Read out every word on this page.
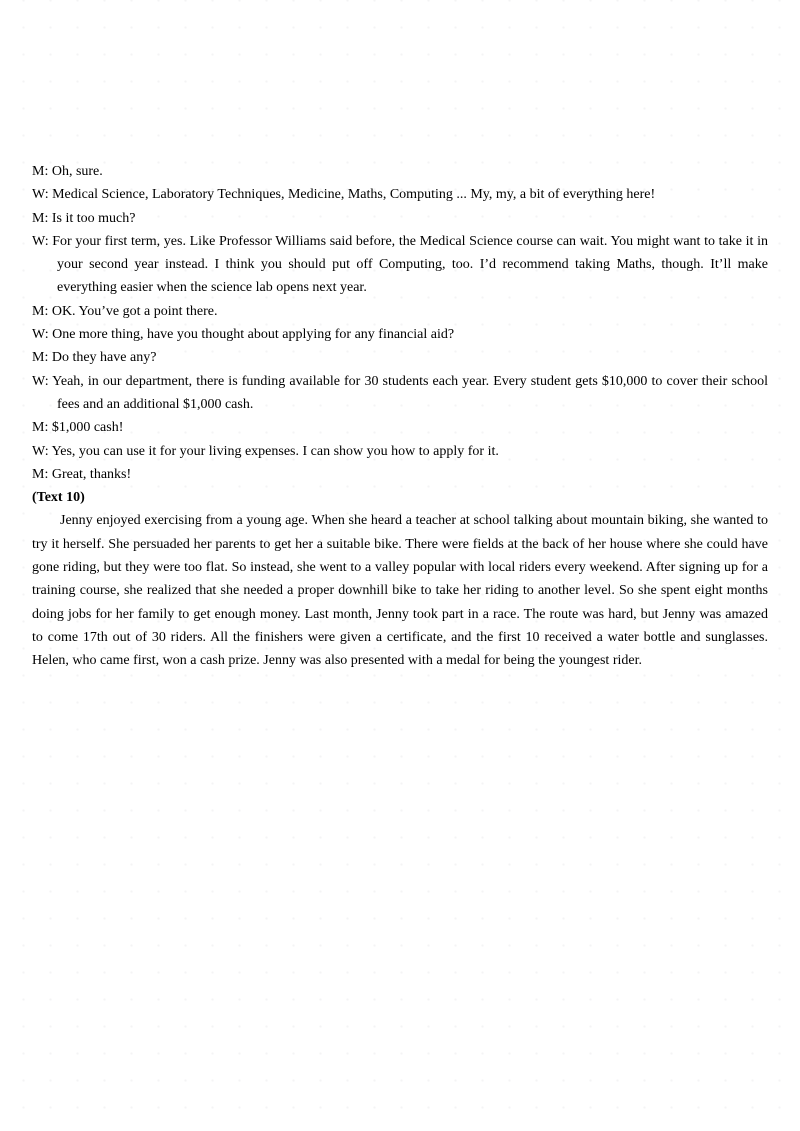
M: Oh, sure.

W: Medical Science, Laboratory Techniques, Medicine, Maths, Computing ... My, my, a bit of everything here!

M: Is it too much?

W: For your first term, yes. Like Professor Williams said before, the Medical Science course can wait. You might want to take it in your second year instead. I think you should put off Computing, too. I’d recommend taking Maths, though. It’ll make everything easier when the science lab opens next year.

M: OK. You’ve got a point there.

W: One more thing, have you thought about applying for any financial aid?

M: Do they have any?

W: Yeah, in our department, there is funding available for 30 students each year. Every student gets $10,000 to cover their school fees and an additional $1,000 cash.

M: $1,000 cash!

W: Yes, you can use it for your living expenses. I can show you how to apply for it.

M: Great, thanks!

(Text 10)

Jenny enjoyed exercising from a young age. When she heard a teacher at school talking about mountain biking, she wanted to try it herself. She persuaded her parents to get her a suitable bike. There were fields at the back of her house where she could have gone riding, but they were too flat. So instead, she went to a valley popular with local riders every weekend. After signing up for a training course, she realized that she needed a proper downhill bike to take her riding to another level. So she spent eight months doing jobs for her family to get enough money. Last month, Jenny took part in a race. The route was hard, but Jenny was amazed to come 17th out of 30 riders. All the finishers were given a certificate, and the first 10 received a water bottle and sunglasses. Helen, who came first, won a cash prize. Jenny was also presented with a medal for being the youngest rider.
